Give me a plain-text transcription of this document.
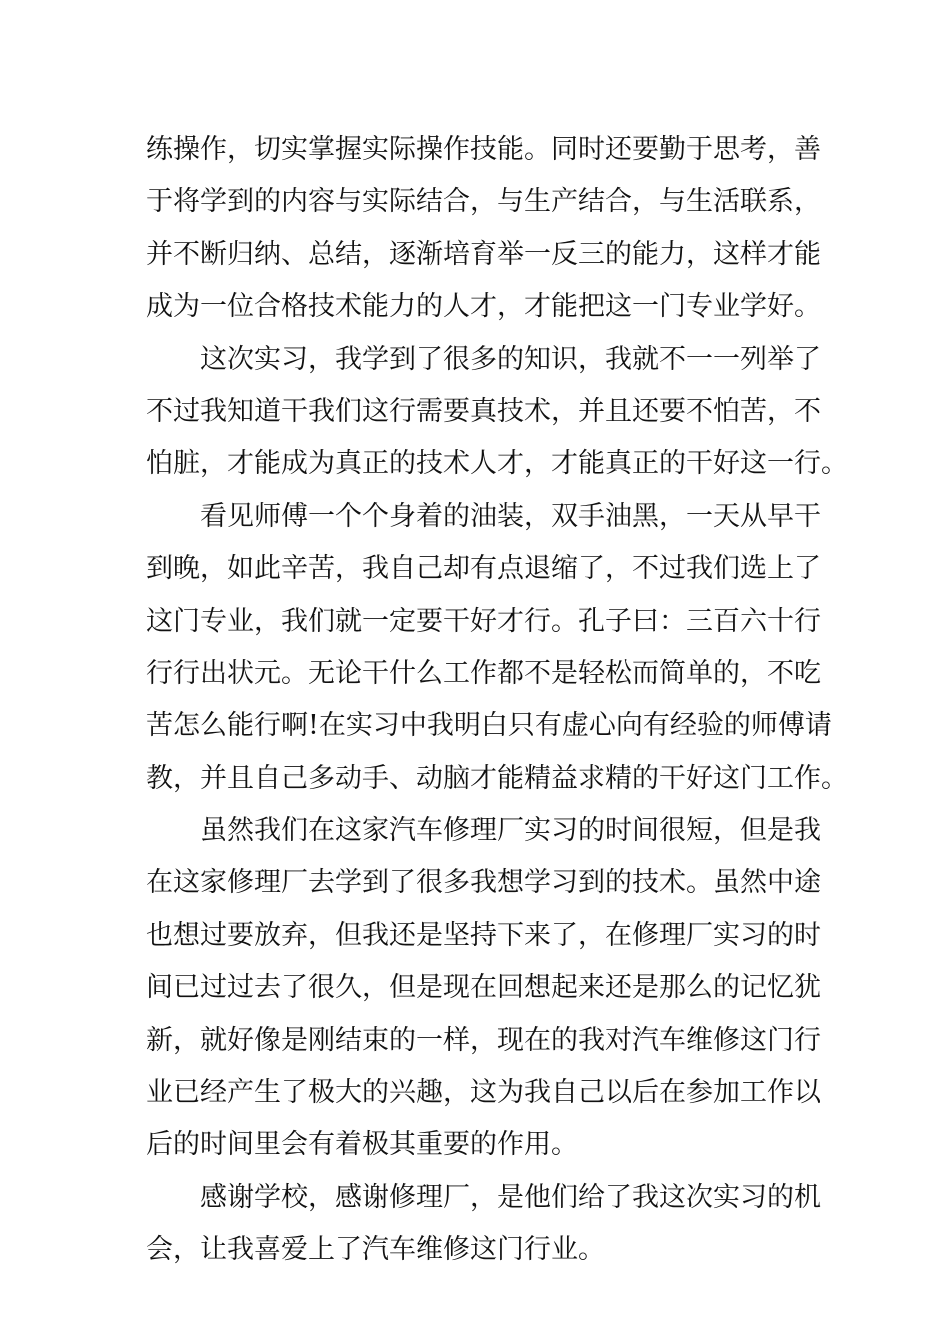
练操作，切实掌握实际操作技能。同时还要勤于思考，善
于将学到的内容与实际结合，与生产结合，与生活联系，
并不断归纳、总结，逐渐培育举一反三的能力，这样才能
成为一位合格技术能力的人才，才能把这一门专业学好。
这次实习，我学到了很多的知识，我就不一一列举了
不过我知道干我们这行需要真技术，并且还要不怕苦，不
怕脏，才能成为真正的技术人才，才能真正的干好这一行。
看见师傅一个个身着的油装，双手油黑，一天从早干
到晚，如此辛苦，我自己却有点退缩了，不过我们选上了
这门专业，我们就一定要干好才行。孔子曰：三百六十行
行行出状元。无论干什么工作都不是轻松而简单的，不吃
苦怎么能行啊!在实习中我明白只有虚心向有经验的师傅请
教，并且自己多动手、动脑才能精益求精的干好这门工作。
虽然我们在这家汽车修理厂实习的时间很短，但是我
在这家修理厂去学到了很多我想学习到的技术。虽然中途
也想过要放弃，但我还是坚持下来了，在修理厂实习的时
间已过过去了很久，但是现在回想起来还是那么的记忆犹
新，就好像是刚结束的一样，现在的我对汽车维修这门行
业已经产生了极大的兴趣，这为我自己以后在参加工作以
后的时间里会有着极其重要的作用。
感谢学校，感谢修理厂，是他们给了我这次实习的机
会，让我喜爱上了汽车维修这门行业。
